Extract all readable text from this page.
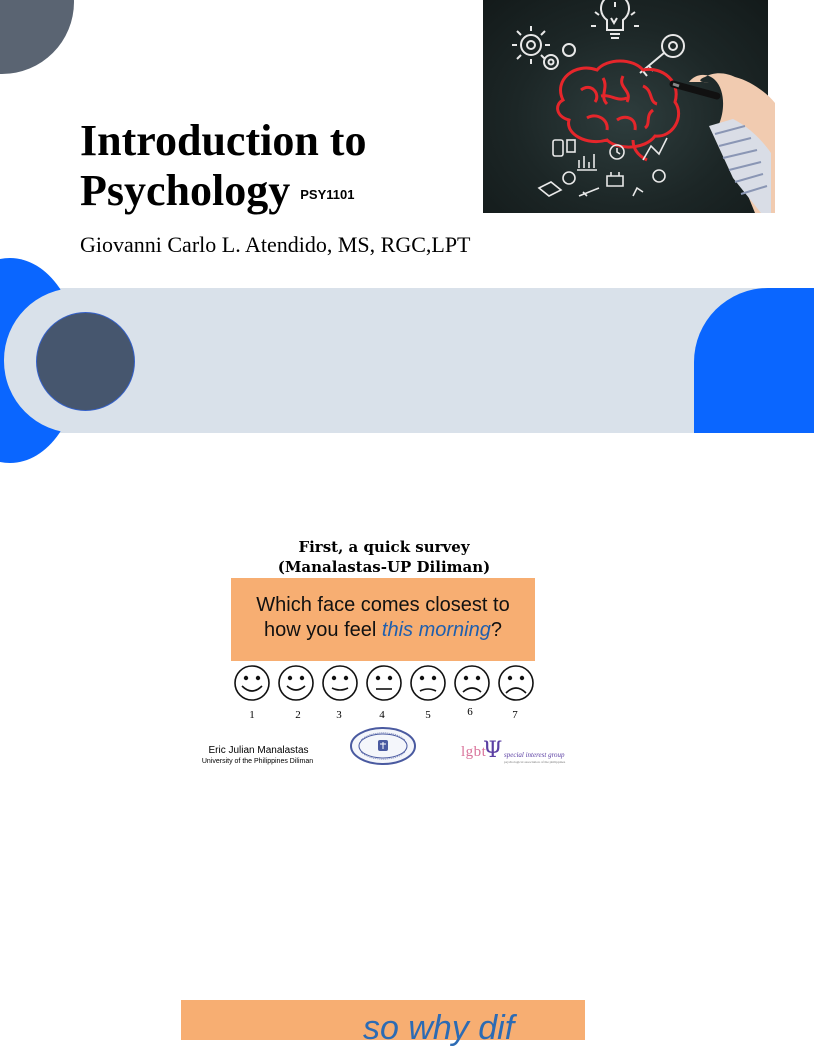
Introduction to
Psychology PSY1101
Giovanni Carlo L. Atendido, MS, RGC,LPT
First, a quick survey
(Manalastas-UP Diliman)
Which face comes closest to
how you feel this morning?
1	2	3	4	5	6	7
Eric Julian Manalastas
University of the Philippines Diliman
lgbt
Ψ special interest group
psychological association of the philippines
so why dif
